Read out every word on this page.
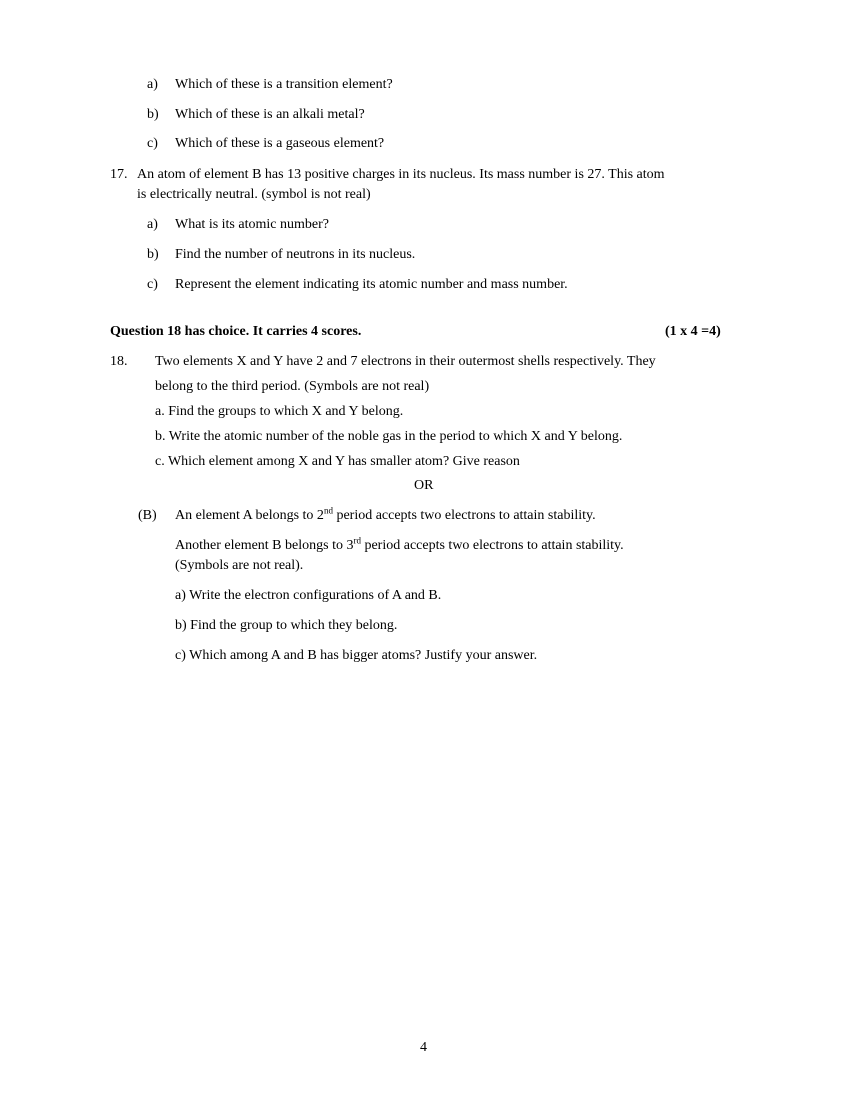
a) Which of these is a transition element?
b) Which of these is an alkali metal?
c) Which of these is a gaseous element?
17. An atom of element B has 13 positive charges in its nucleus. Its mass number is 27. This atom
is electrically neutral. (symbol is not real)
a) What is its atomic number?
b) Find the number of neutrons in its nucleus.
c) Represent the element indicating its atomic number and mass number.
Question 18 has choice. It carries 4 scores.	(1 x 4 =4)
18. Two elements X and Y have 2 and 7 electrons in their outermost shells respectively. They
belong to the third period. (Symbols are not real)
a. Find the groups to which X and Y belong.
b. Write the atomic number of the noble gas in the period to which X and Y belong.
c. Which element among X and Y has smaller atom? Give reason
OR
(B) An element A belongs to 2nd period accepts two electrons to attain stability.
Another element B belongs to 3rd period accepts two electrons to attain stability.
(Symbols are not real).
a) Write the electron configurations of A and B.
b) Find the group to which they belong.
c) Which among A and B has bigger atoms? Justify your answer.
4
